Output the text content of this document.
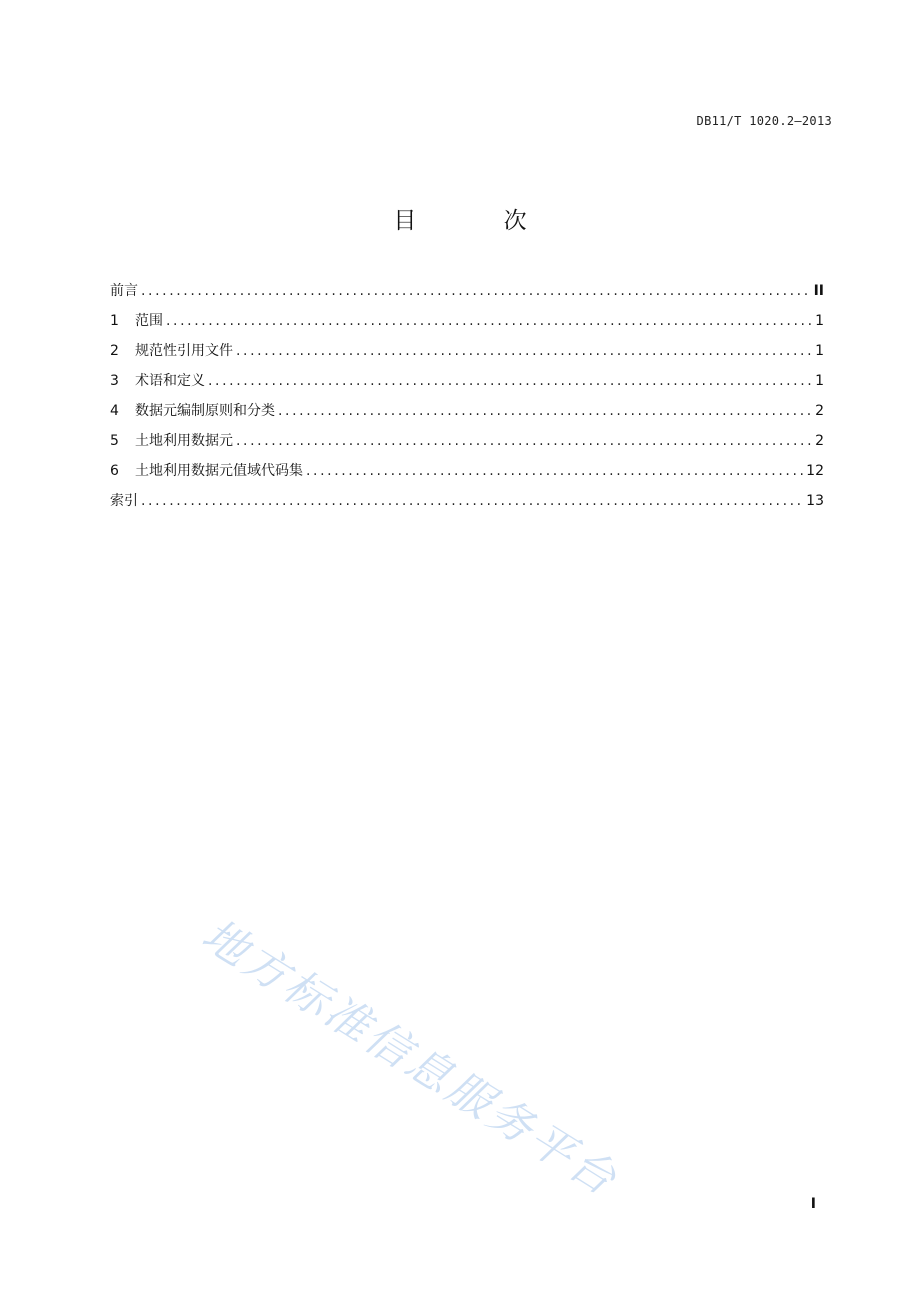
DB11/T 1020.2—2013
目 次
前言 .....	II
1	范围 .....	1
2	规范性引用文件 .....	1
3	术语和定义 .....	1
4	数据元编制原则和分类 .....	2
5	土地利用数据元 .....	2
6	土地利用数据元值域代码集 .....	12
索引 .....	13
地方标准信息服务平台	I
